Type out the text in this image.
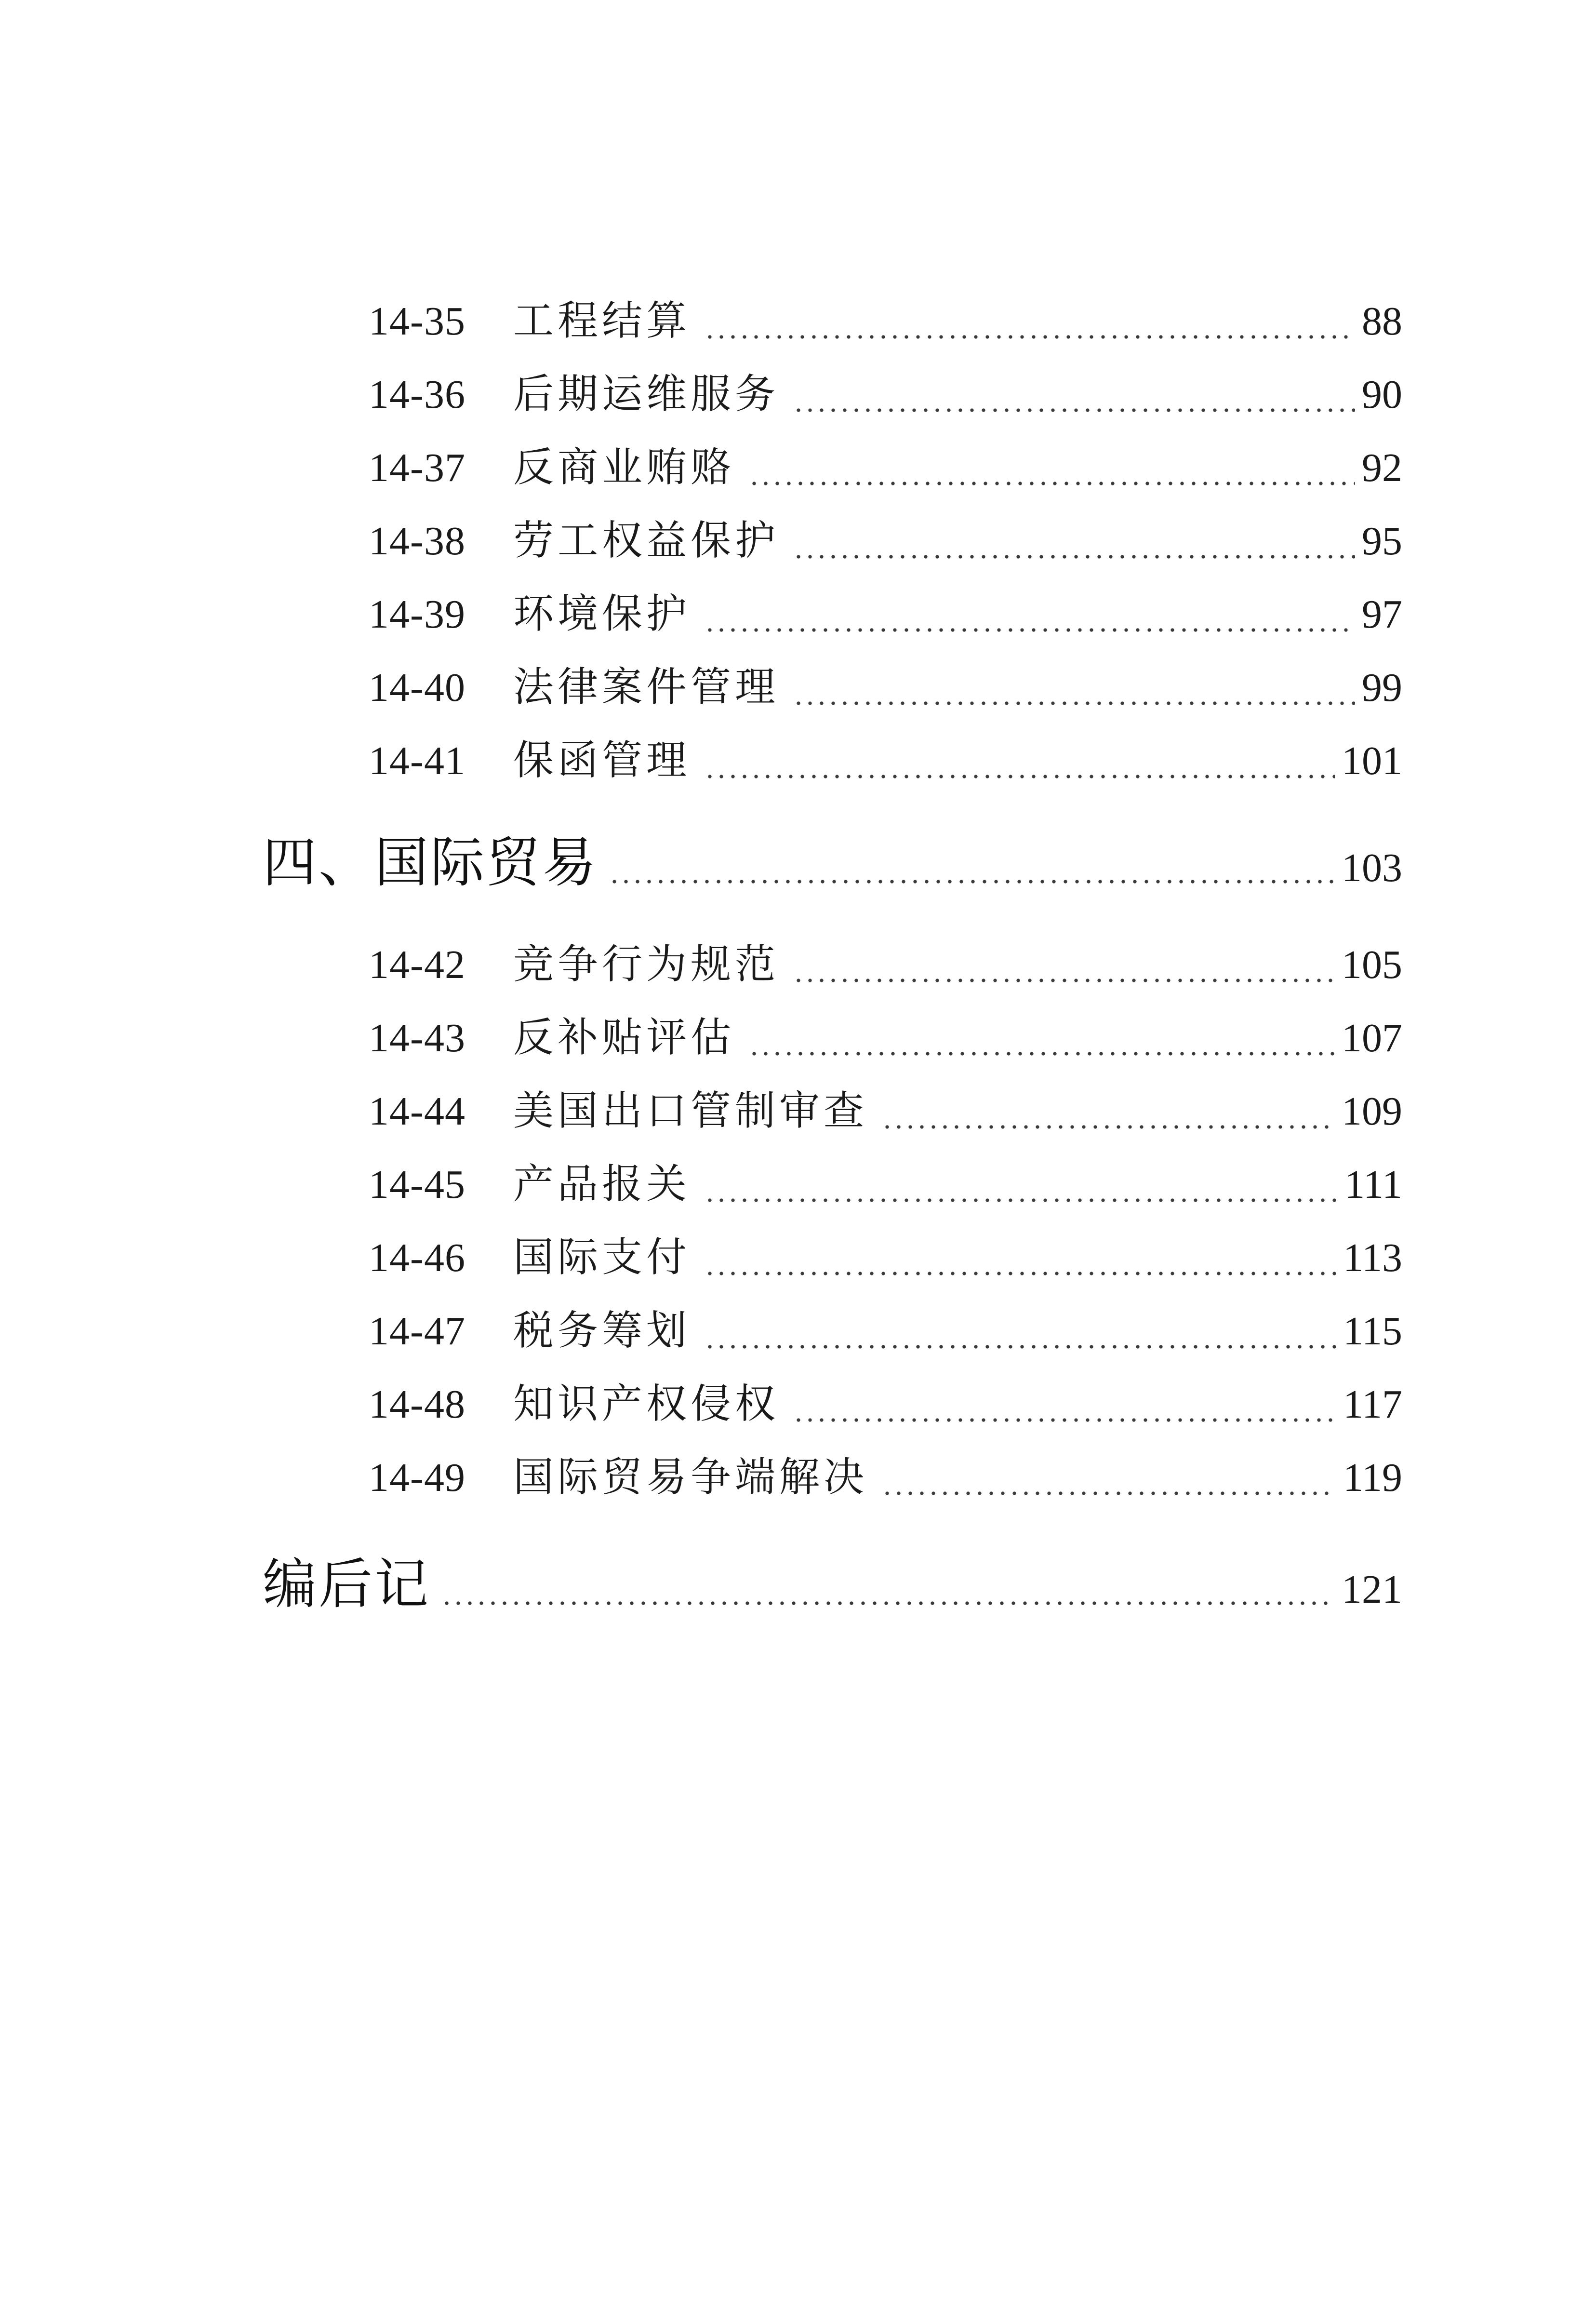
14-35	工程结算	88
14-36	后期运维服务	90
14-37	反商业贿赂	92
14-38	劳工权益保护	95
14-39	环境保护	97
14-40	法律案件管理	99
14-41	保函管理	101
四、国际贸易	103
14-42	竞争行为规范	105
14-43	反补贴评估	107
14-44	美国出口管制审查	109
14-45	产品报关	111
14-46	国际支付	113
14-47	税务筹划	115
14-48	知识产权侵权	117
14-49	国际贸易争端解决	119
编后记	121
